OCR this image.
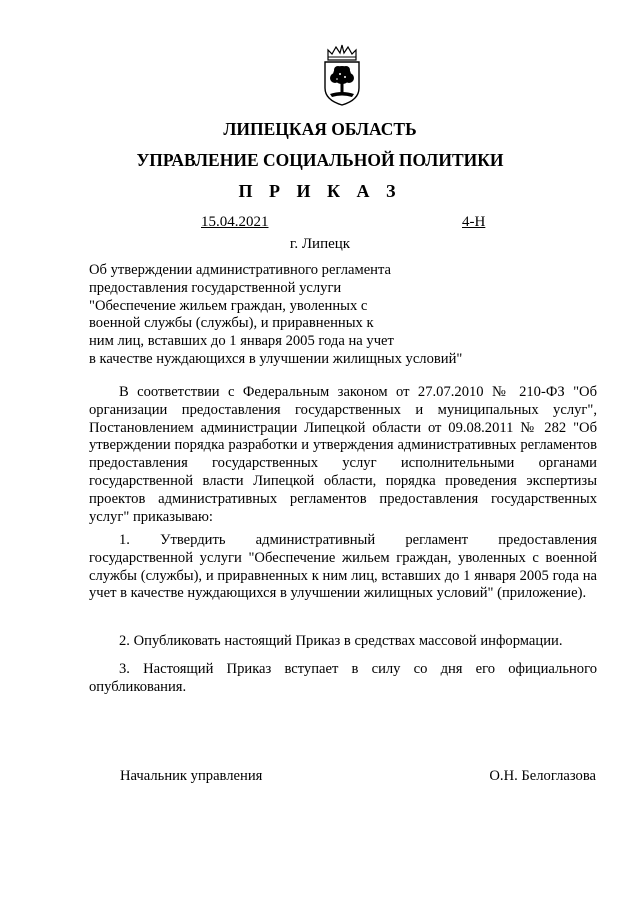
ЛИПЕЦКАЯ ОБЛАСТЬ

УПРАВЛЕНИЕ СОЦИАЛЬНОЙ ПОЛИТИКИ

П Р И К А З

15.04.2021	4-Н
г. Липецк
Об утверждении административного регламента
предоставления государственной услуги
"Обеспечение жильем граждан, уволенных с
военной службы (службы), и приравненных к
ним лиц, вставших до 1 января 2005 года на учет
в качестве нуждающихся в улучшении жилищных условий"

В соответствии с Федеральным законом от 27.07.2010 № 210-ФЗ "Об организации предоставления государственных и муниципальных услуг", Постановлением администрации Липецкой области от 09.08.2011 № 282 "Об утверждении порядка разработки и утверждения административных регламентов предоставления государственных услуг исполнительными органами государственной власти Липецкой области, порядка проведения экспертизы проектов административных регламентов предоставления государственных услуг" приказываю:

1. Утвердить административный регламент предоставления государственной услуги "Обеспечение жильем граждан, уволенных с военной службы (службы), и приравненных к ним лиц, вставших до 1 января 2005 года на учет в качестве нуждающихся в улучшении жилищных условий" (приложение).

2. Опубликовать настоящий Приказ в средствах массовой информации.

3. Настоящий Приказ вступает в силу со дня его официального опубликования.

Начальник управления	О.Н. Белоглазова
